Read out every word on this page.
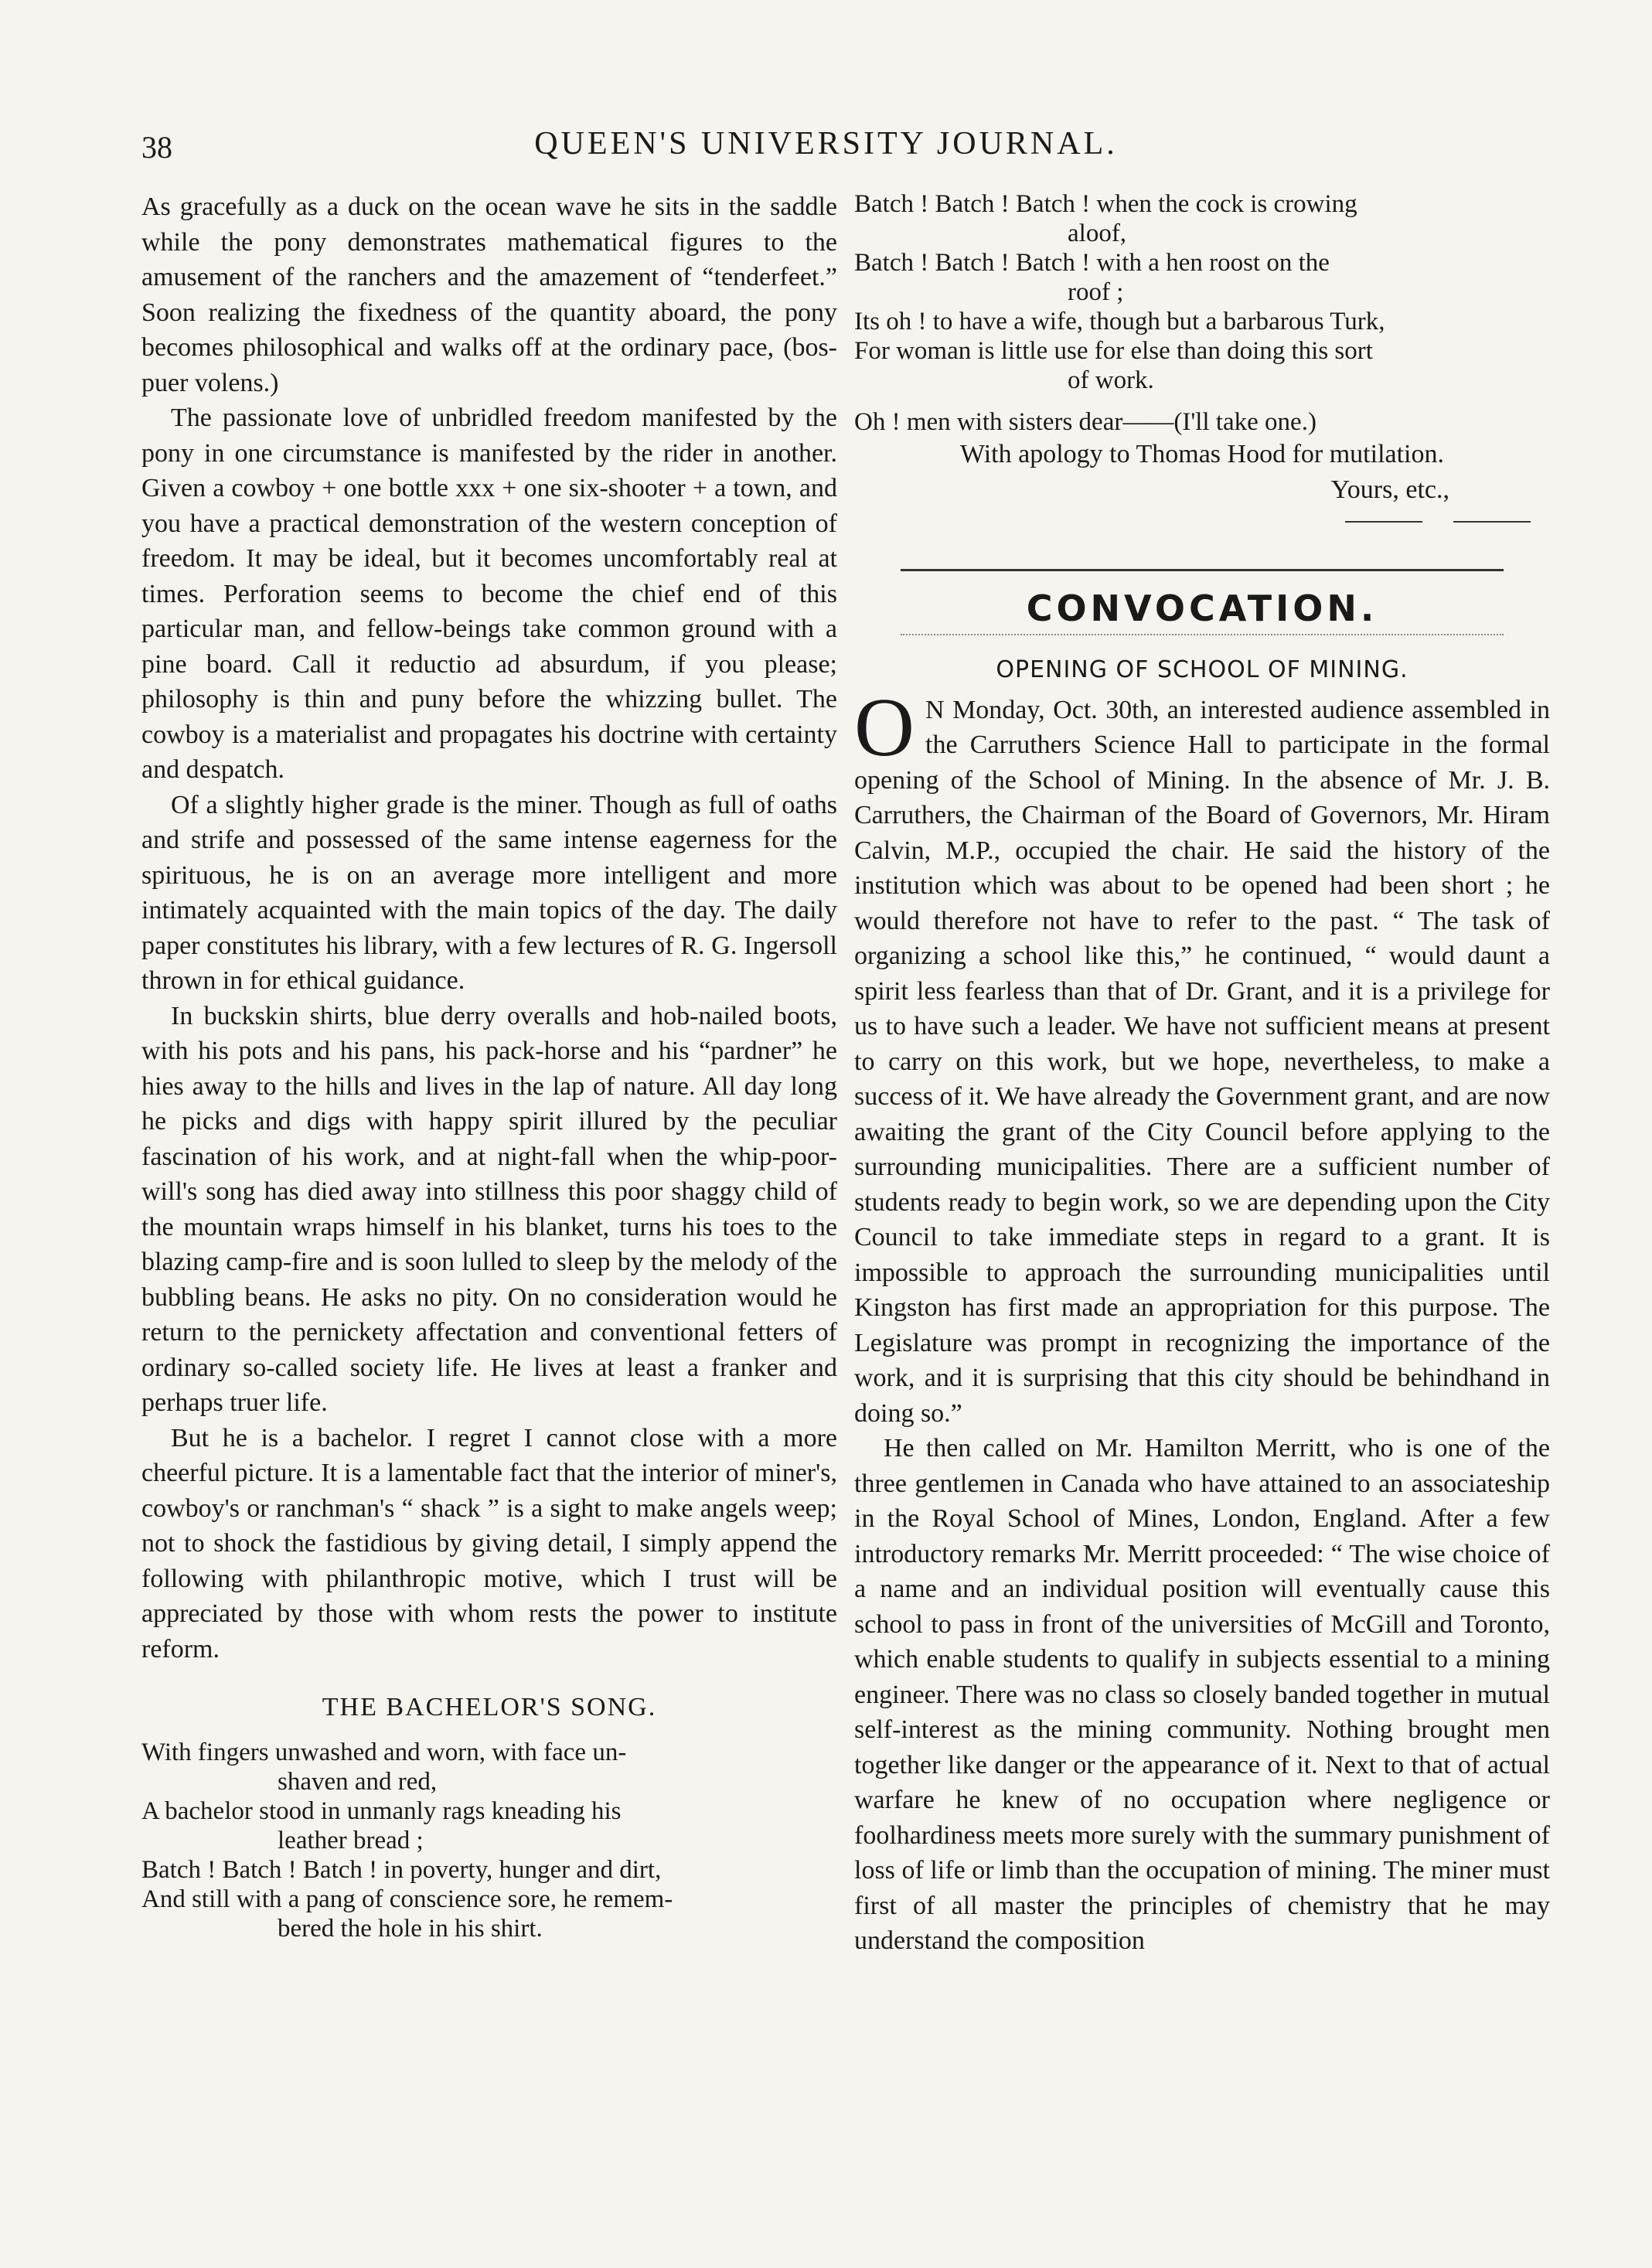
38	QUEEN'S UNIVERSITY JOURNAL.

As gracefully as a duck on the ocean wave he sits in the saddle while the pony demonstrates mathematical figures to the amusement of the ranchers and the amazement of “tenderfeet.” Soon realizing the fixedness of the quantity aboard, the pony becomes philosophical and walks off at the ordinary pace, (bos-puer volens.)

The passionate love of unbridled freedom manifested by the pony in one circumstance is manifested by the rider in another. Given a cowboy + one bottle xxx + one six-shooter + a town, and you have a practical demonstration of the western conception of freedom. It may be ideal, but it becomes uncomfortably real at times. Perforation seems to become the chief end of this particular man, and fellow-beings take common ground with a pine board. Call it reductio ad absurdum, if you please; philosophy is thin and puny before the whizzing bullet. The cowboy is a materialist and propagates his doctrine with certainty and despatch.

Of a slightly higher grade is the miner. Though as full of oaths and strife and possessed of the same intense eagerness for the spirituous, he is on an average more intelligent and more intimately acquainted with the main topics of the day. The daily paper constitutes his library, with a few lectures of R. G. Ingersoll thrown in for ethical guidance.

In buckskin shirts, blue derry overalls and hob-nailed boots, with his pots and his pans, his pack-horse and his “pardner” he hies away to the hills and lives in the lap of nature. All day long he picks and digs with happy spirit illured by the peculiar fascination of his work, and at night-fall when the whip-poor-will's song has died away into stillness this poor shaggy child of the mountain wraps himself in his blanket, turns his toes to the blazing camp-fire and is soon lulled to sleep by the melody of the bubbling beans. He asks no pity. On no consideration would he return to the pernickety affectation and conventional fetters of ordinary so-called society life. He lives at least a franker and perhaps truer life.

But he is a bachelor. I regret I cannot close with a more cheerful picture. It is a lamentable fact that the interior of miner's, cowboy's or ranchman's “ shack ” is a sight to make angels weep; not to shock the fastidious by giving detail, I simply append the following with philanthropic motive, which I trust will be appreciated by those with whom rests the power to institute reform.

THE BACHELOR'S SONG.

With fingers unwashed and worn, with face un-
shaven and red,

A bachelor stood in unmanly rags kneading his
leather bread ;

Batch ! Batch ! Batch ! in poverty, hunger and dirt,

And still with a pang of conscience sore, he remem-
bered the hole in his shirt.

Batch ! Batch ! Batch ! when the cock is crowing
aloof,

Batch ! Batch ! Batch ! with a hen roost on the
roof ;

Its oh ! to have a wife, though but a barbarous Turk,

For woman is little use for else than doing this sort
of work.

Oh ! men with sisters dear——(I'll take one.)

With apology to Thomas Hood for mutilation.

Yours, etc.,

CONVOCATION.
OPENING OF SCHOOL OF MINING.

O N Monday, Oct. 30th, an interested audience assembled in the Carruthers Science Hall to participate in the formal opening of the School of Mining. In the absence of Mr. J. B. Carruthers, the Chairman of the Board of Governors, Mr. Hiram Calvin, M.P., occupied the chair. He said the history of the institution which was about to be opened had been short ; he would therefore not have to refer to the past. “ The task of organizing a school like this,” he continued, “ would daunt a spirit less fearless than that of Dr. Grant, and it is a privilege for us to have such a leader. We have not sufficient means at present to carry on this work, but we hope, nevertheless, to make a success of it. We have already the Government grant, and are now awaiting the grant of the City Council before applying to the surrounding municipalities. There are a sufficient number of students ready to begin work, so we are depending upon the City Council to take immediate steps in regard to a grant. It is impossible to approach the surrounding municipalities until Kingston has first made an appropriation for this purpose. The Legislature was prompt in recognizing the importance of the work, and it is surprising that this city should be behindhand in doing so.”

He then called on Mr. Hamilton Merritt, who is one of the three gentlemen in Canada who have attained to an associateship in the Royal School of Mines, London, England. After a few introductory remarks Mr. Merritt proceeded: “ The wise choice of a name and an individual position will eventually cause this school to pass in front of the universities of McGill and Toronto, which enable students to qualify in subjects essential to a mining engineer. There was no class so closely banded together in mutual self-interest as the mining community. Nothing brought men together like danger or the appearance of it. Next to that of actual warfare he knew of no occupation where negligence or foolhardiness meets more surely with the summary punishment of loss of life or limb than the occupation of mining. The miner must first of all master the principles of chemistry that he may understand the composition
